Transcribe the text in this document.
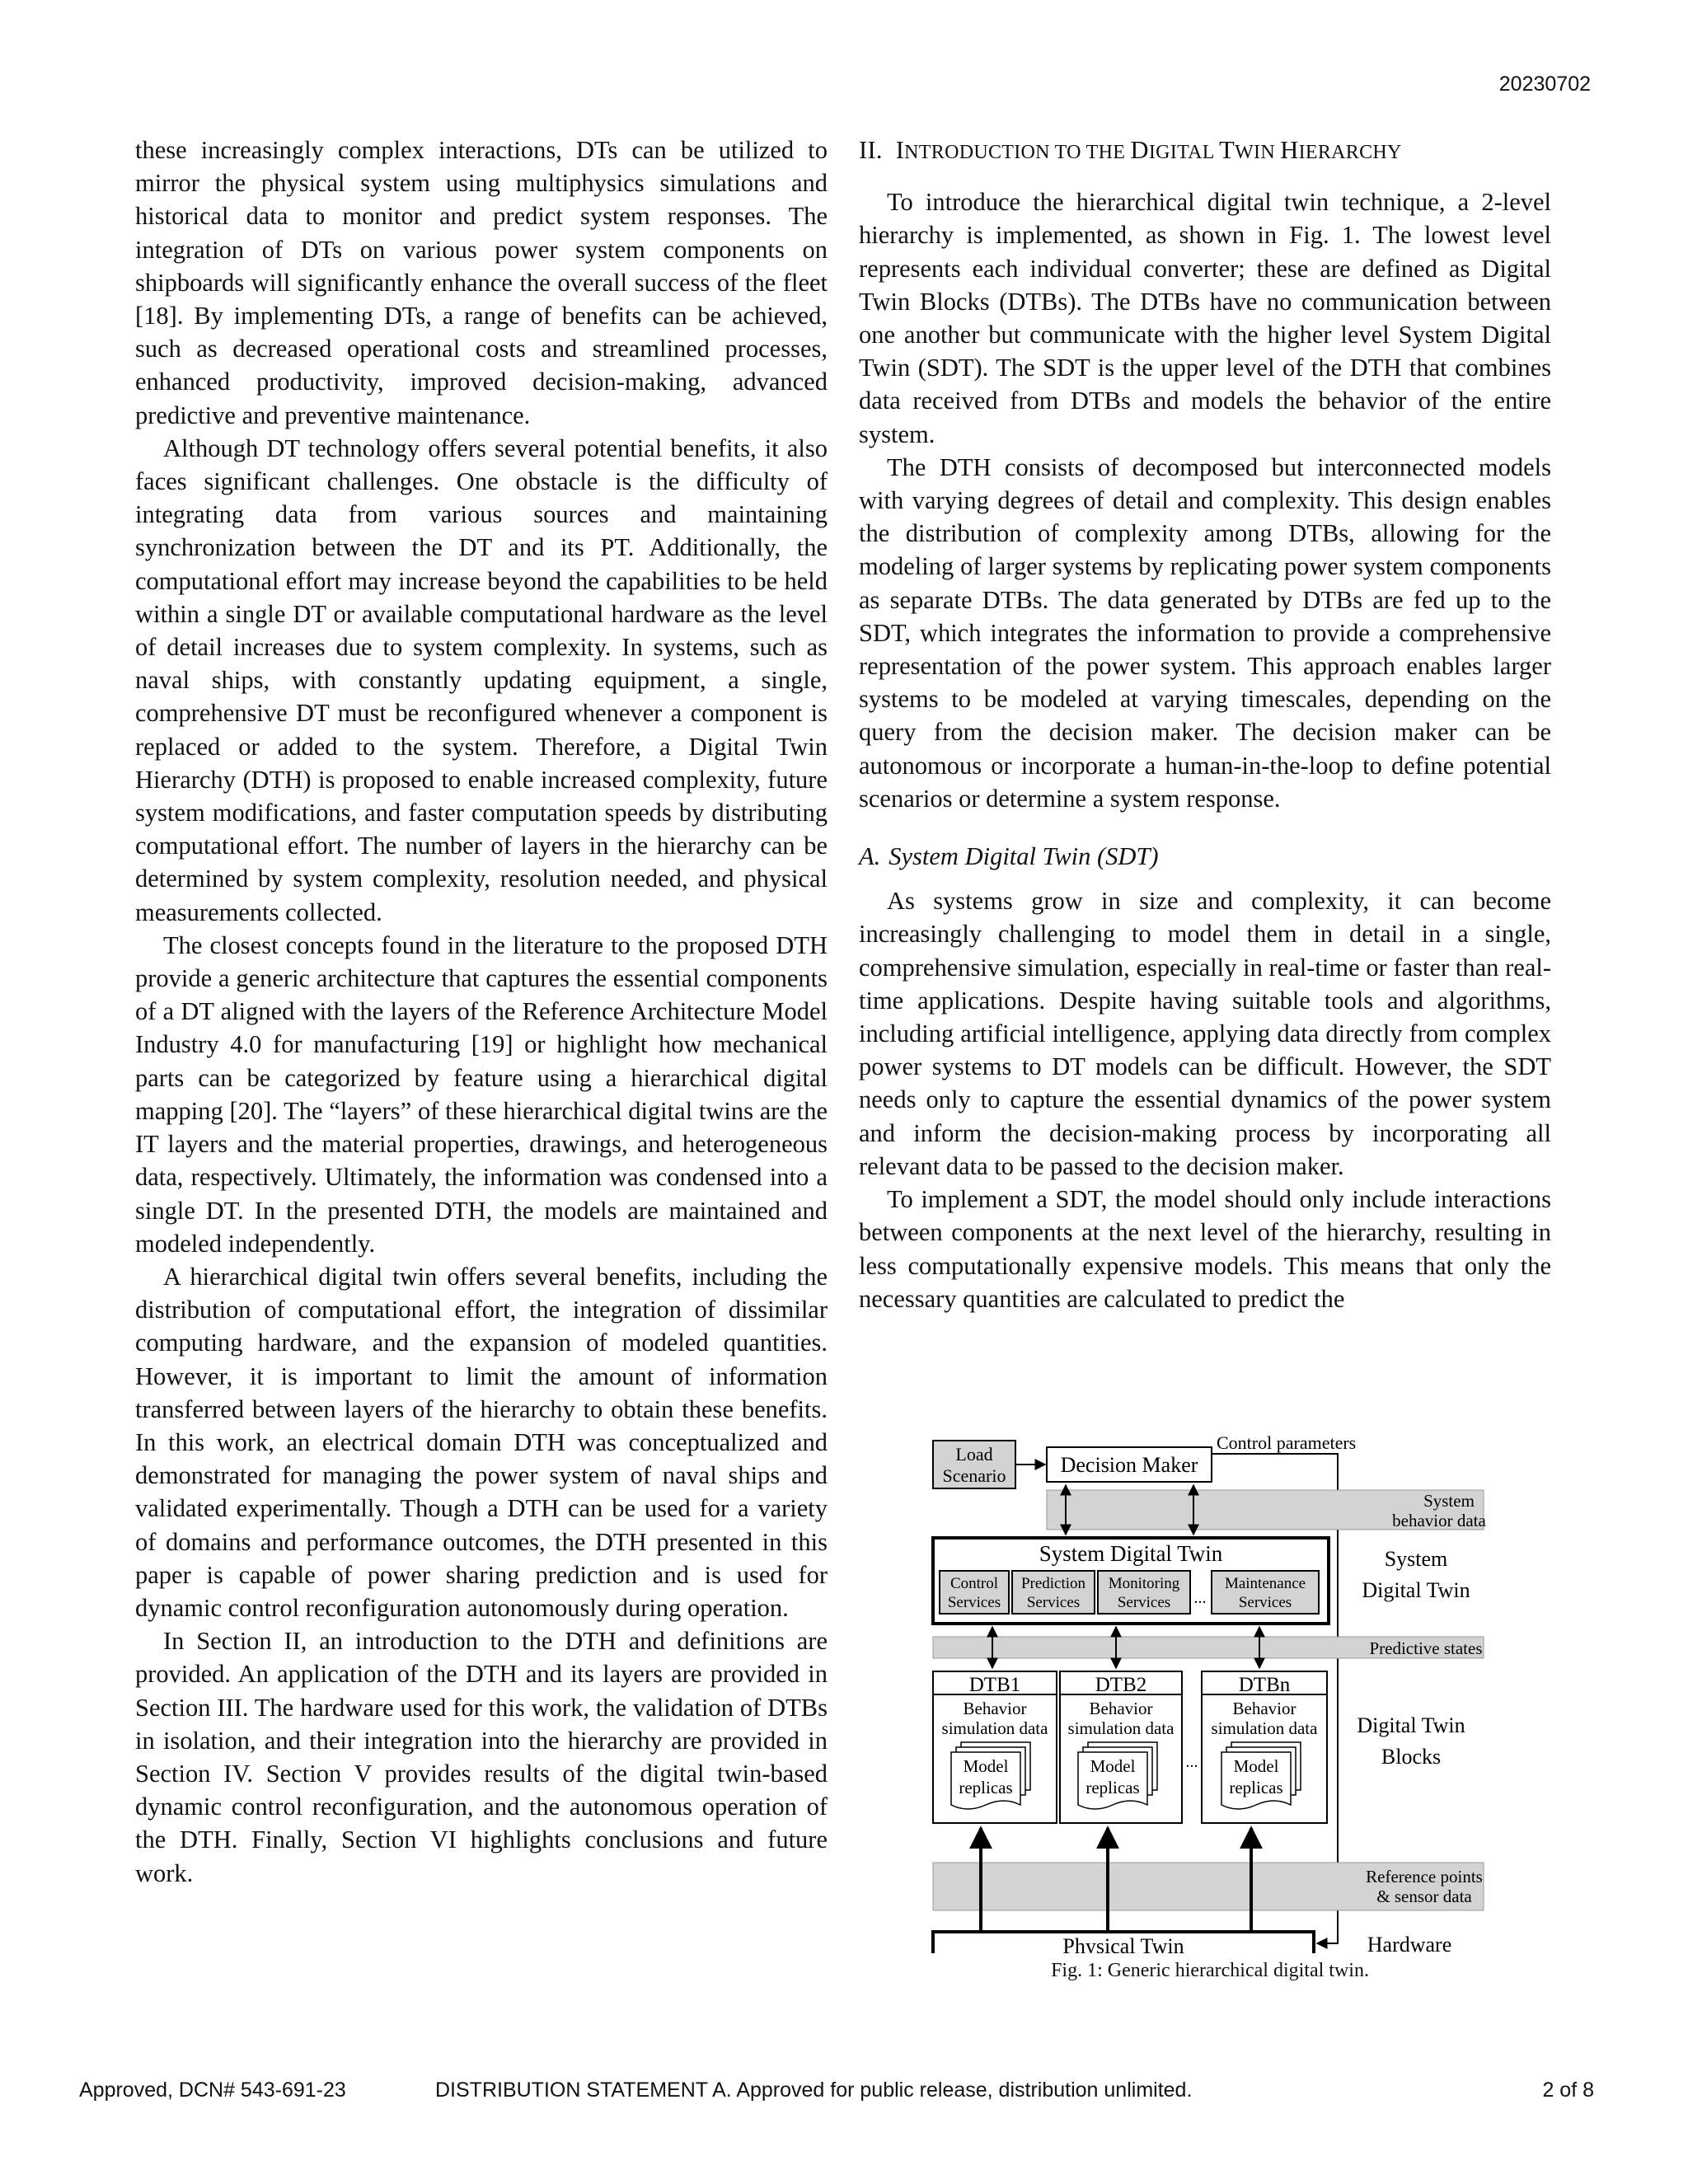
20230702

these increasingly complex interactions, DTs can be utilized to mirror the physical system using multiphysics simulations and historical data to monitor and predict system responses. The integration of DTs on various power system components on shipboards will significantly enhance the overall success of the fleet [18]. By implementing DTs, a range of benefits can be achieved, such as decreased operational costs and streamlined processes, enhanced productivity, improved decision-making, advanced predictive and preventive maintenance.

Although DT technology offers several potential benefits, it also faces significant challenges. One obstacle is the difficulty of integrating data from various sources and maintaining synchronization between the DT and its PT. Additionally, the computational effort may increase beyond the capabilities to be held within a single DT or available computational hardware as the level of detail increases due to system complexity. In systems, such as naval ships, with constantly updating equipment, a single, comprehensive DT must be reconfigured whenever a component is replaced or added to the system. Therefore, a Digital Twin Hierarchy (DTH) is proposed to enable increased complexity, future system modifications, and faster computation speeds by distributing computational effort. The number of layers in the hierarchy can be determined by system complexity, resolution needed, and physical measurements collected.

The closest concepts found in the literature to the proposed DTH provide a generic architecture that captures the essential components of a DT aligned with the layers of the Reference Architecture Model Industry 4.0 for manufacturing [19] or highlight how mechanical parts can be categorized by feature using a hierarchical digital mapping [20]. The “layers” of these hierarchical digital twins are the IT layers and the material properties, drawings, and heterogeneous data, respectively. Ultimately, the information was condensed into a single DT. In the presented DTH, the models are maintained and modeled independently.

A hierarchical digital twin offers several benefits, including the distribution of computational effort, the integration of dissimilar computing hardware, and the expansion of modeled quantities. However, it is important to limit the amount of information transferred between layers of the hierarchy to obtain these benefits. In this work, an electrical domain DTH was conceptualized and demonstrated for managing the power system of naval ships and validated experimentally. Though a DTH can be used for a variety of domains and performance outcomes, the DTH presented in this paper is capable of power sharing prediction and is used for dynamic control reconfiguration autonomously during operation.

In Section II, an introduction to the DTH and definitions are provided. An application of the DTH and its layers are provided in Section III. The hardware used for this work, the validation of DTBs in isolation, and their integration into the hierarchy are provided in Section IV. Section V provides results of the digital twin-based dynamic control reconfiguration, and the autonomous operation of the DTH. Finally, Section VI highlights conclusions and future work.

II. INTRODUCTION TO THE DIGITAL TWIN HIERARCHY

To introduce the hierarchical digital twin technique, a 2-level hierarchy is implemented, as shown in Fig. 1. The lowest level represents each individual converter; these are defined as Digital Twin Blocks (DTBs). The DTBs have no communication between one another but communicate with the higher level System Digital Twin (SDT). The SDT is the upper level of the DTH that combines data received from DTBs and models the behavior of the entire system.

The DTH consists of decomposed but interconnected models with varying degrees of detail and complexity. This design enables the distribution of complexity among DTBs, allowing for the modeling of larger systems by replicating power system components as separate DTBs. The data generated by DTBs are fed up to the SDT, which integrates the information to provide a comprehensive representation of the power system. This approach enables larger systems to be modeled at varying timescales, depending on the query from the decision maker. The decision maker can be autonomous or incorporate a human-in-the-loop to define potential scenarios or determine a system response.

A. System Digital Twin (SDT)

As systems grow in size and complexity, it can become increasingly challenging to model them in detail in a single, comprehensive simulation, especially in real-time or faster than real-time applications. Despite having suitable tools and algorithms, including artificial intelligence, applying data directly from complex power systems to DT models can be difficult. However, the SDT needs only to capture the essential dynamics of the power system and inform the decision-making process by incorporating all relevant data to be passed to the decision maker.

To implement a SDT, the model should only include interactions between components at the next level of the hierarchy, resulting in less computationally expensive models. This means that only the necessary quantities are calculated to predict the

Load
Scenario	Decision Maker
Control parameters
System
behavior data
System Digital Twin
Control
Services
Prediction
Services
Monitoring
Services ...
Maintenance
Services
System
Digital Twin
Predictive states
DTB1
Behavior
simulation data
Model
replicas
DTB2
Behavior
simulation data
Model
replicas
...
DTBn
Behavior
simulation data
Model
replicas
Digital Twin
Blocks
Reference points
& sensor data
Physical Twin	Hardware
Fig. 1: Generic hierarchical digital twin.
Approved, DCN# 543-691-23	DISTRIBUTION STATEMENT A. Approved for public release, distribution unlimited.	2 of 8
